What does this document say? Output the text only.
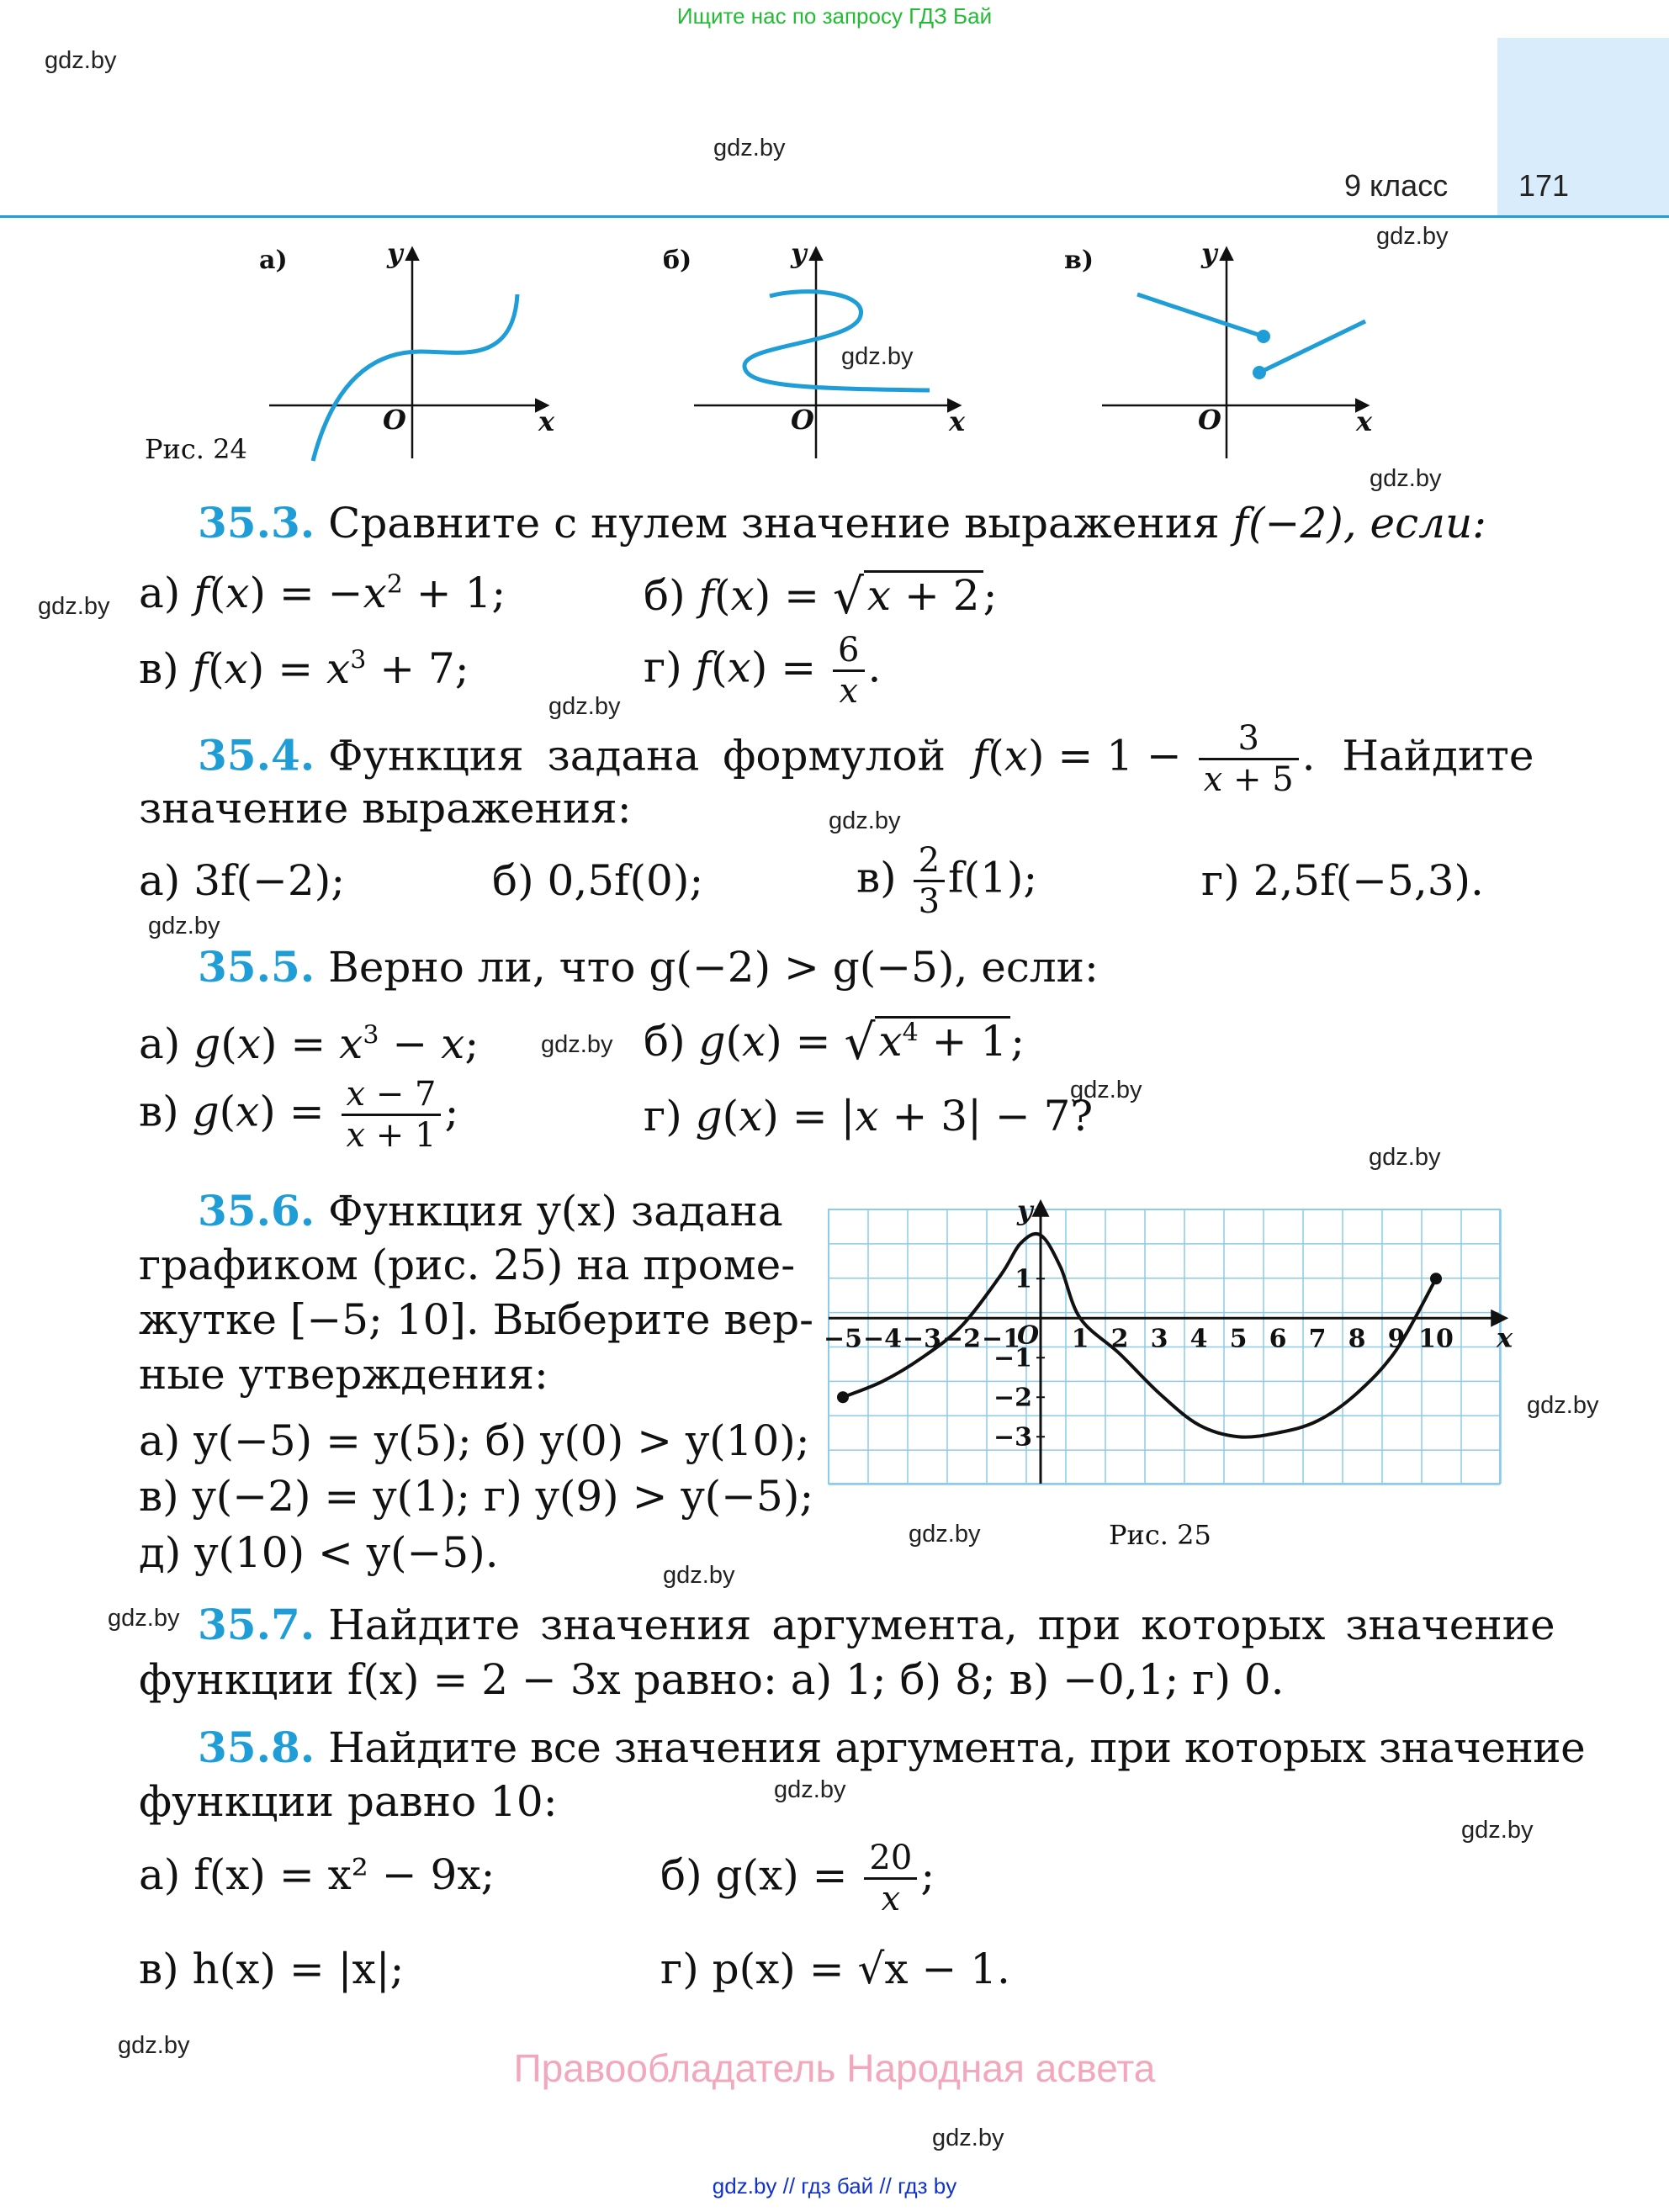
Ищите нас по запросу ГДЗ Бай
9 класс 171
gdz.by
gdz.by
gdz.by
gdz.by
gdz.by
gdz.by
gdz.by
gdz.by
gdz.by
gdz.by
gdz.by
gdz.by
gdz.by
gdz.by
gdz.by
gdz.by
gdz.by
gdz.by
gdz.by
gdz.by
а)	б)	в)
y
x
O
y
x
O
y
x
O
Рис. 24
35.3. Сравните с нулем значение выражения f(−2), если:
а) $f(x) = -x^2 + 1$;	б) f(x) = √x + 2;
в) $f(x) = x^3 + 7$;	г) $f(x) = \frac{6}{x}$ .
35.4. Функция задана формулой $f(x) = 1 - \frac{3}{x + 5}$ .  Найдите
значение выражения:
а) 3f(−2);	б) 0,5f(0);	$в) \frac{2}{3} f(1)$;	г) 2,5f(−5,3).
35.5. Верно ли, что g(−2) > g(−5), если:
а) $g(x) = x^3 - x$;	б) $g(x) = √x^4 + 1$;
в) $g(x) = \frac{x - 7}{x + 1}$ ;	г) g(x) = |x + 3| − 7?
35.6. Функция y(x) задана
графиком (рис. 25) на проме-
жутке [−5; 10]. Выберите вер-
ные утверждения:
а) y(−5) = y(5); б) y(0) > y(10);
в) y(−2) = y(1); г) y(9) > y(−5);
д) y(10) < y(−5).
−5 −4 −3 −2 −1 1 2 3 4 5 6 7 8 9 10
1
−1
−2
−3
y
x
O
Рис. 25
35.7. Найдите значения аргумента, при которых значение
функции f(x) = 2 − 3x равно: а) 1; б) 8; в) −0,1; г) 0.
35.8. Найдите все значения аргумента, при которых значение
функции равно 10:
а) f(x) = x² − 9x;	б) $g(x) = \frac{20}{x}$ ;
в) h(x) = |x|;	г) p(x) = √x − 1.
Правообладатель Народная асвета
gdz.by // гдз бай // гдз by
